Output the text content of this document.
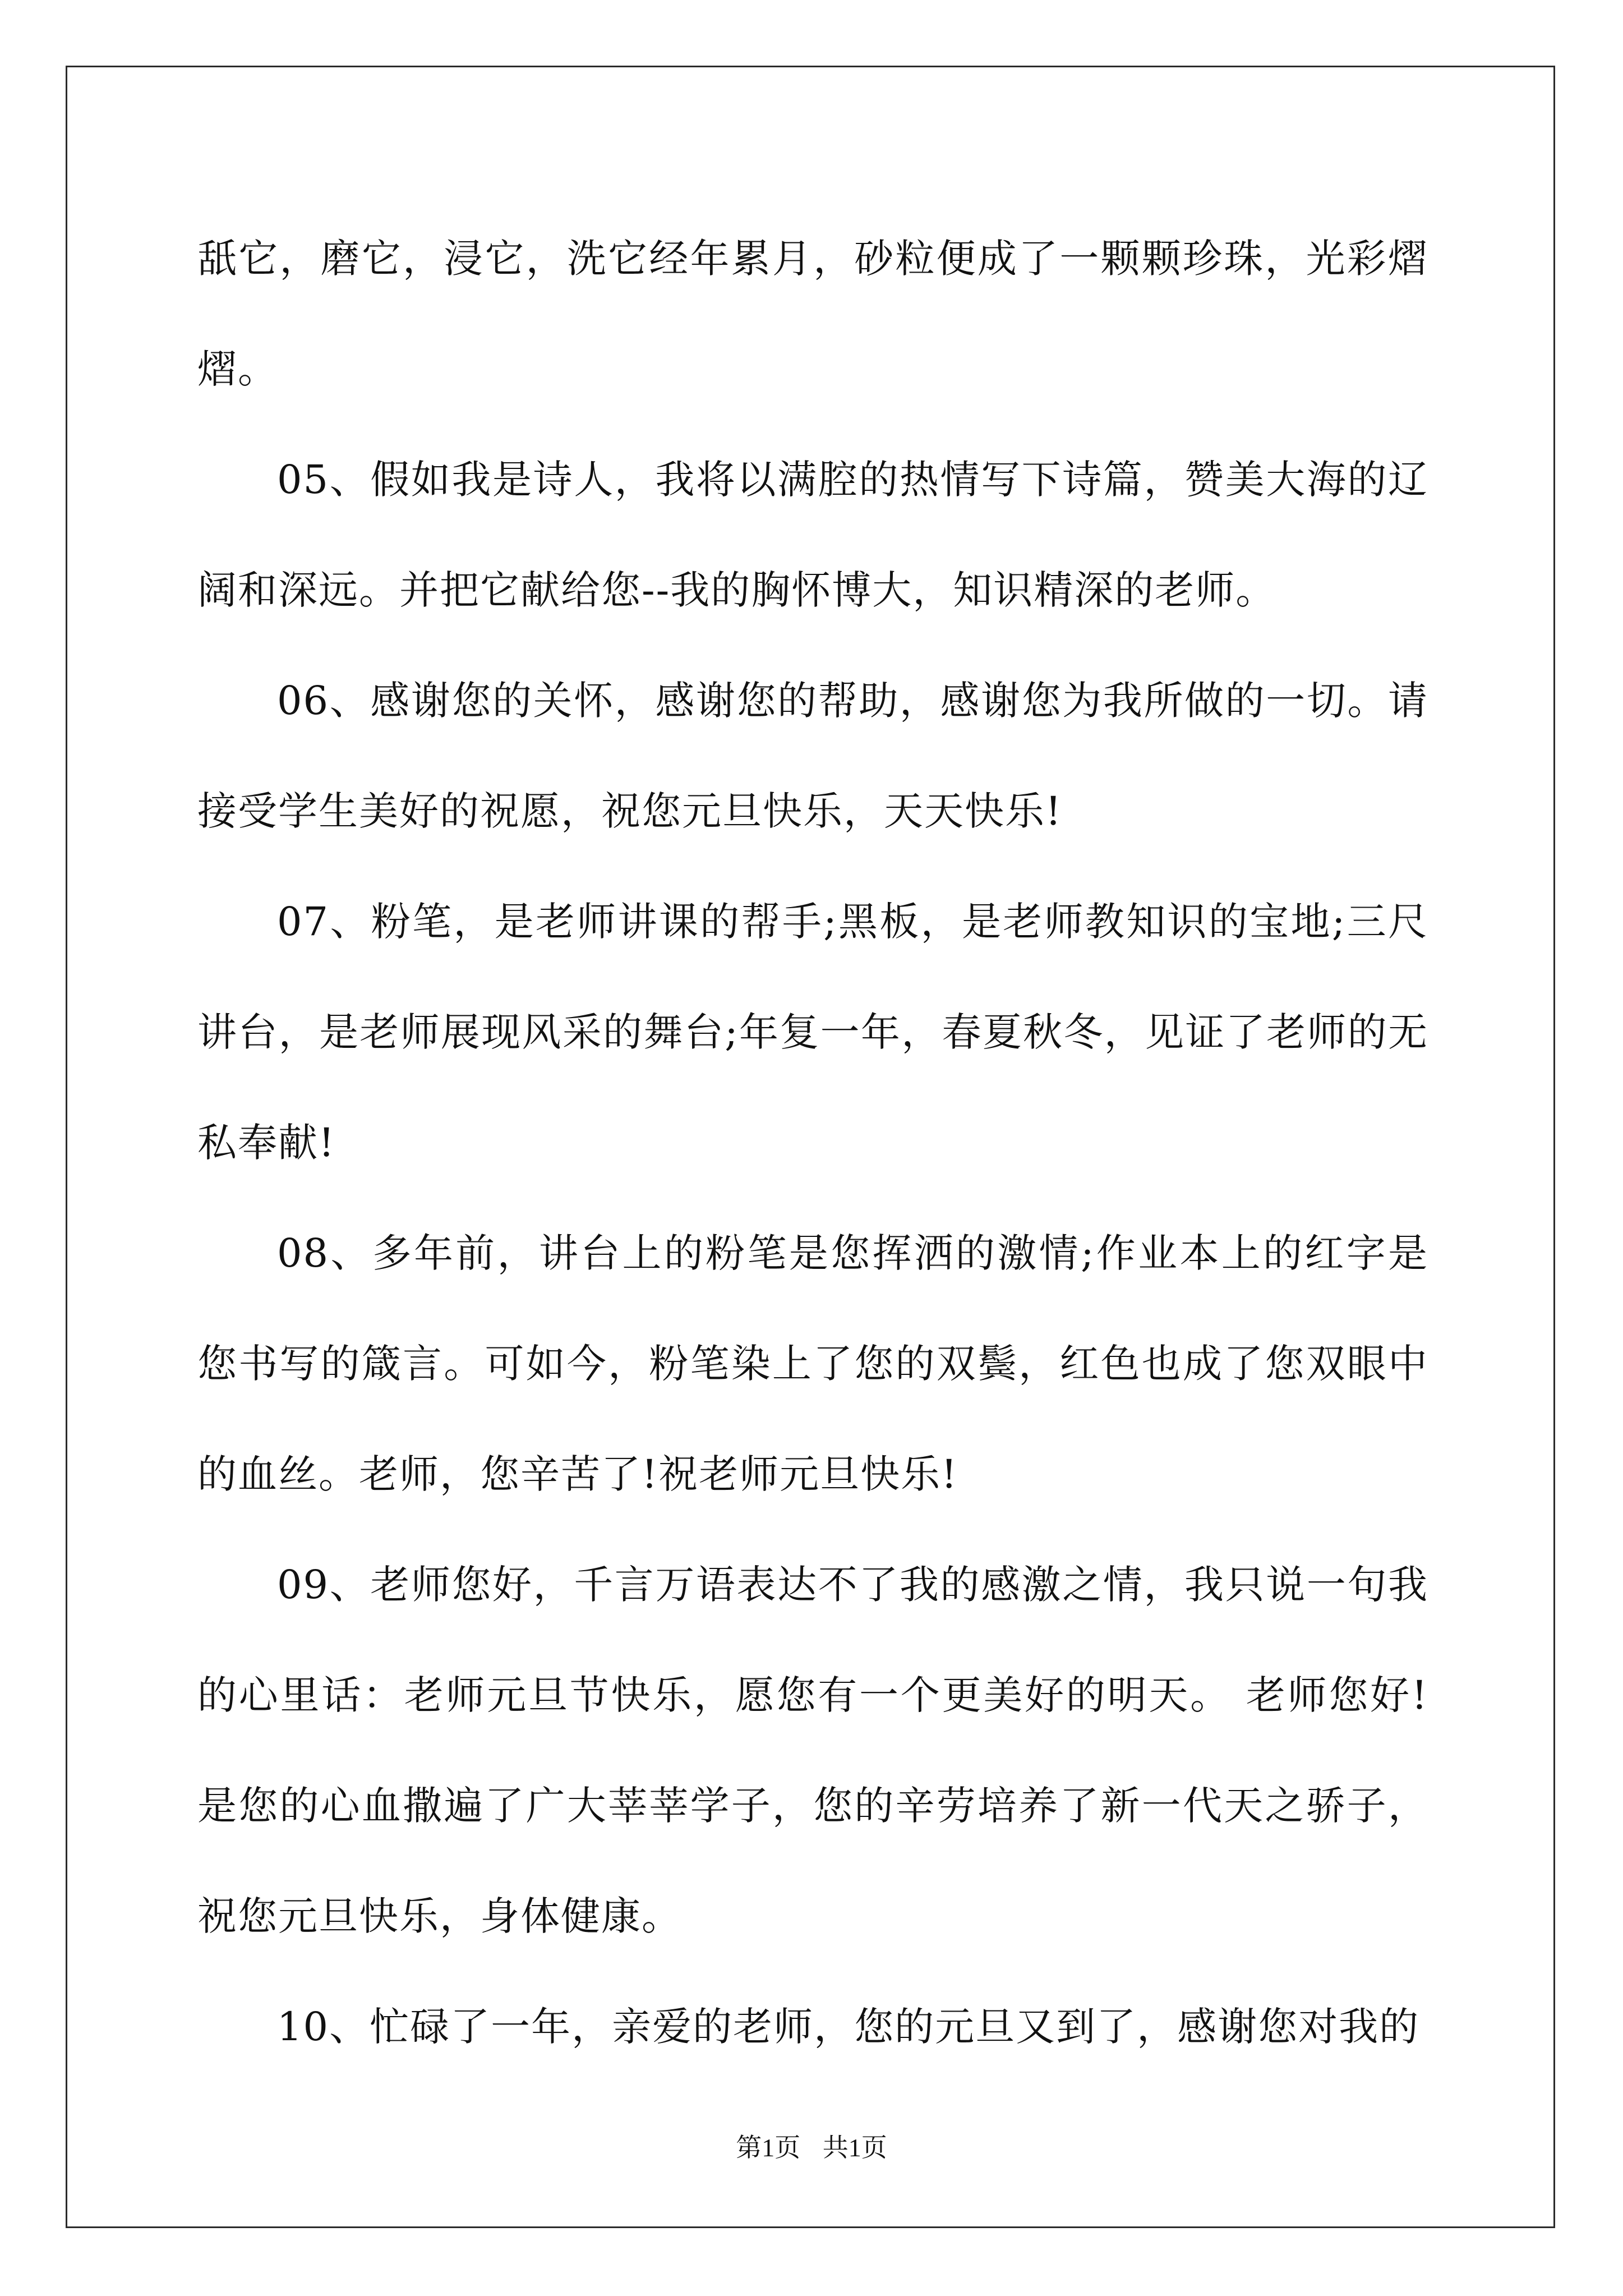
舐它，磨它，浸它，洗它经年累月，砂粒便成了一颗颗珍珠，光彩熠熠。

05、假如我是诗人，我将以满腔的热情写下诗篇，赞美大海的辽阔和深远。并把它献给您--我的胸怀博大，知识精深的老师。

06、感谢您的关怀，感谢您的帮助，感谢您为我所做的一切。请接受学生美好的祝愿，祝您元旦快乐，天天快乐!

07、粉笔，是老师讲课的帮手;黑板，是老师教知识的宝地;三尺讲台，是老师展现风采的舞台;年复一年，春夏秋冬，见证了老师的无私奉献!

08、多年前，讲台上的粉笔是您挥洒的激情;作业本上的红字是您书写的箴言。可如今，粉笔染上了您的双鬓，红色也成了您双眼中的血丝。老师，您辛苦了!祝老师元旦快乐!

09、老师您好，千言万语表达不了我的感激之情，我只说一句我的心里话：老师元旦节快乐，愿您有一个更美好的明天。 老师您好!是您的心血撒遍了广大莘莘学子，您的辛劳培养了新一代天之骄子，祝您元旦快乐，身体健康。

10、忙碌了一年，亲爱的老师，您的元旦又到了，感谢您对我的

第1页 共1页
